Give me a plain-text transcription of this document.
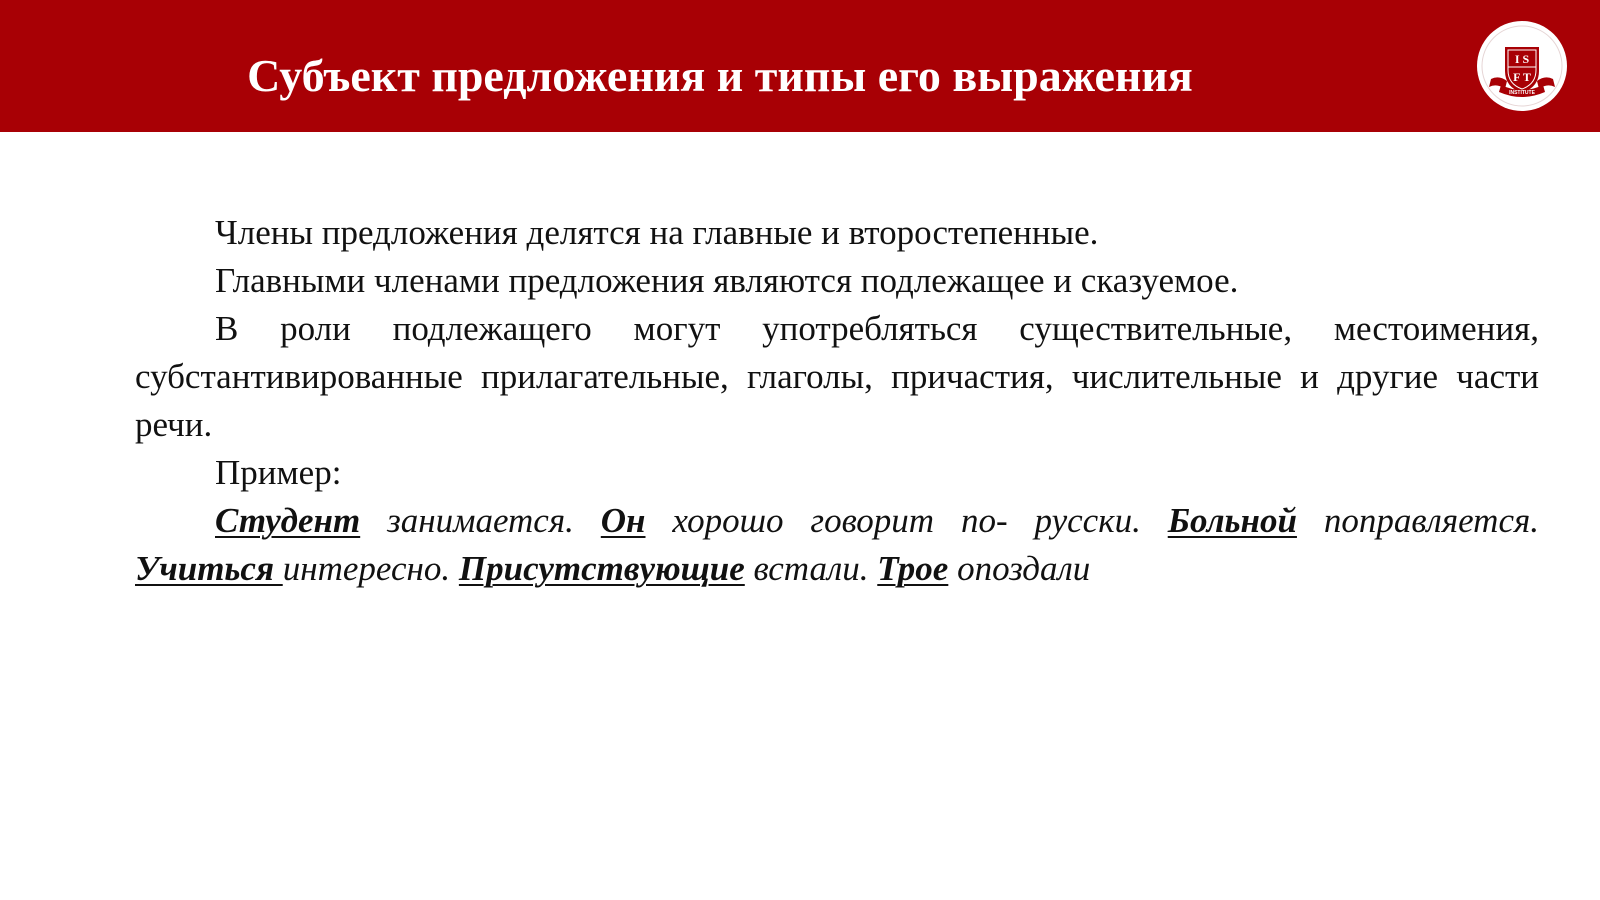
Субъект предложения и типы его выражения	I S
F T
INSTITUTE

Члены предложения делятся на главные и второстепенные.

Главными членами предложения являются подлежащее и сказуемое.

В роли подлежащего могут употребляться существительные, местоимения, субстантивированные прилагательные, глаголы, причастия, числительные и другие части речи.

Пример:

Студент занимается. Он хорошо говорит по- русски. Больной поправляется. Учиться интересно. Присутствующие встали. Трое опоздали
